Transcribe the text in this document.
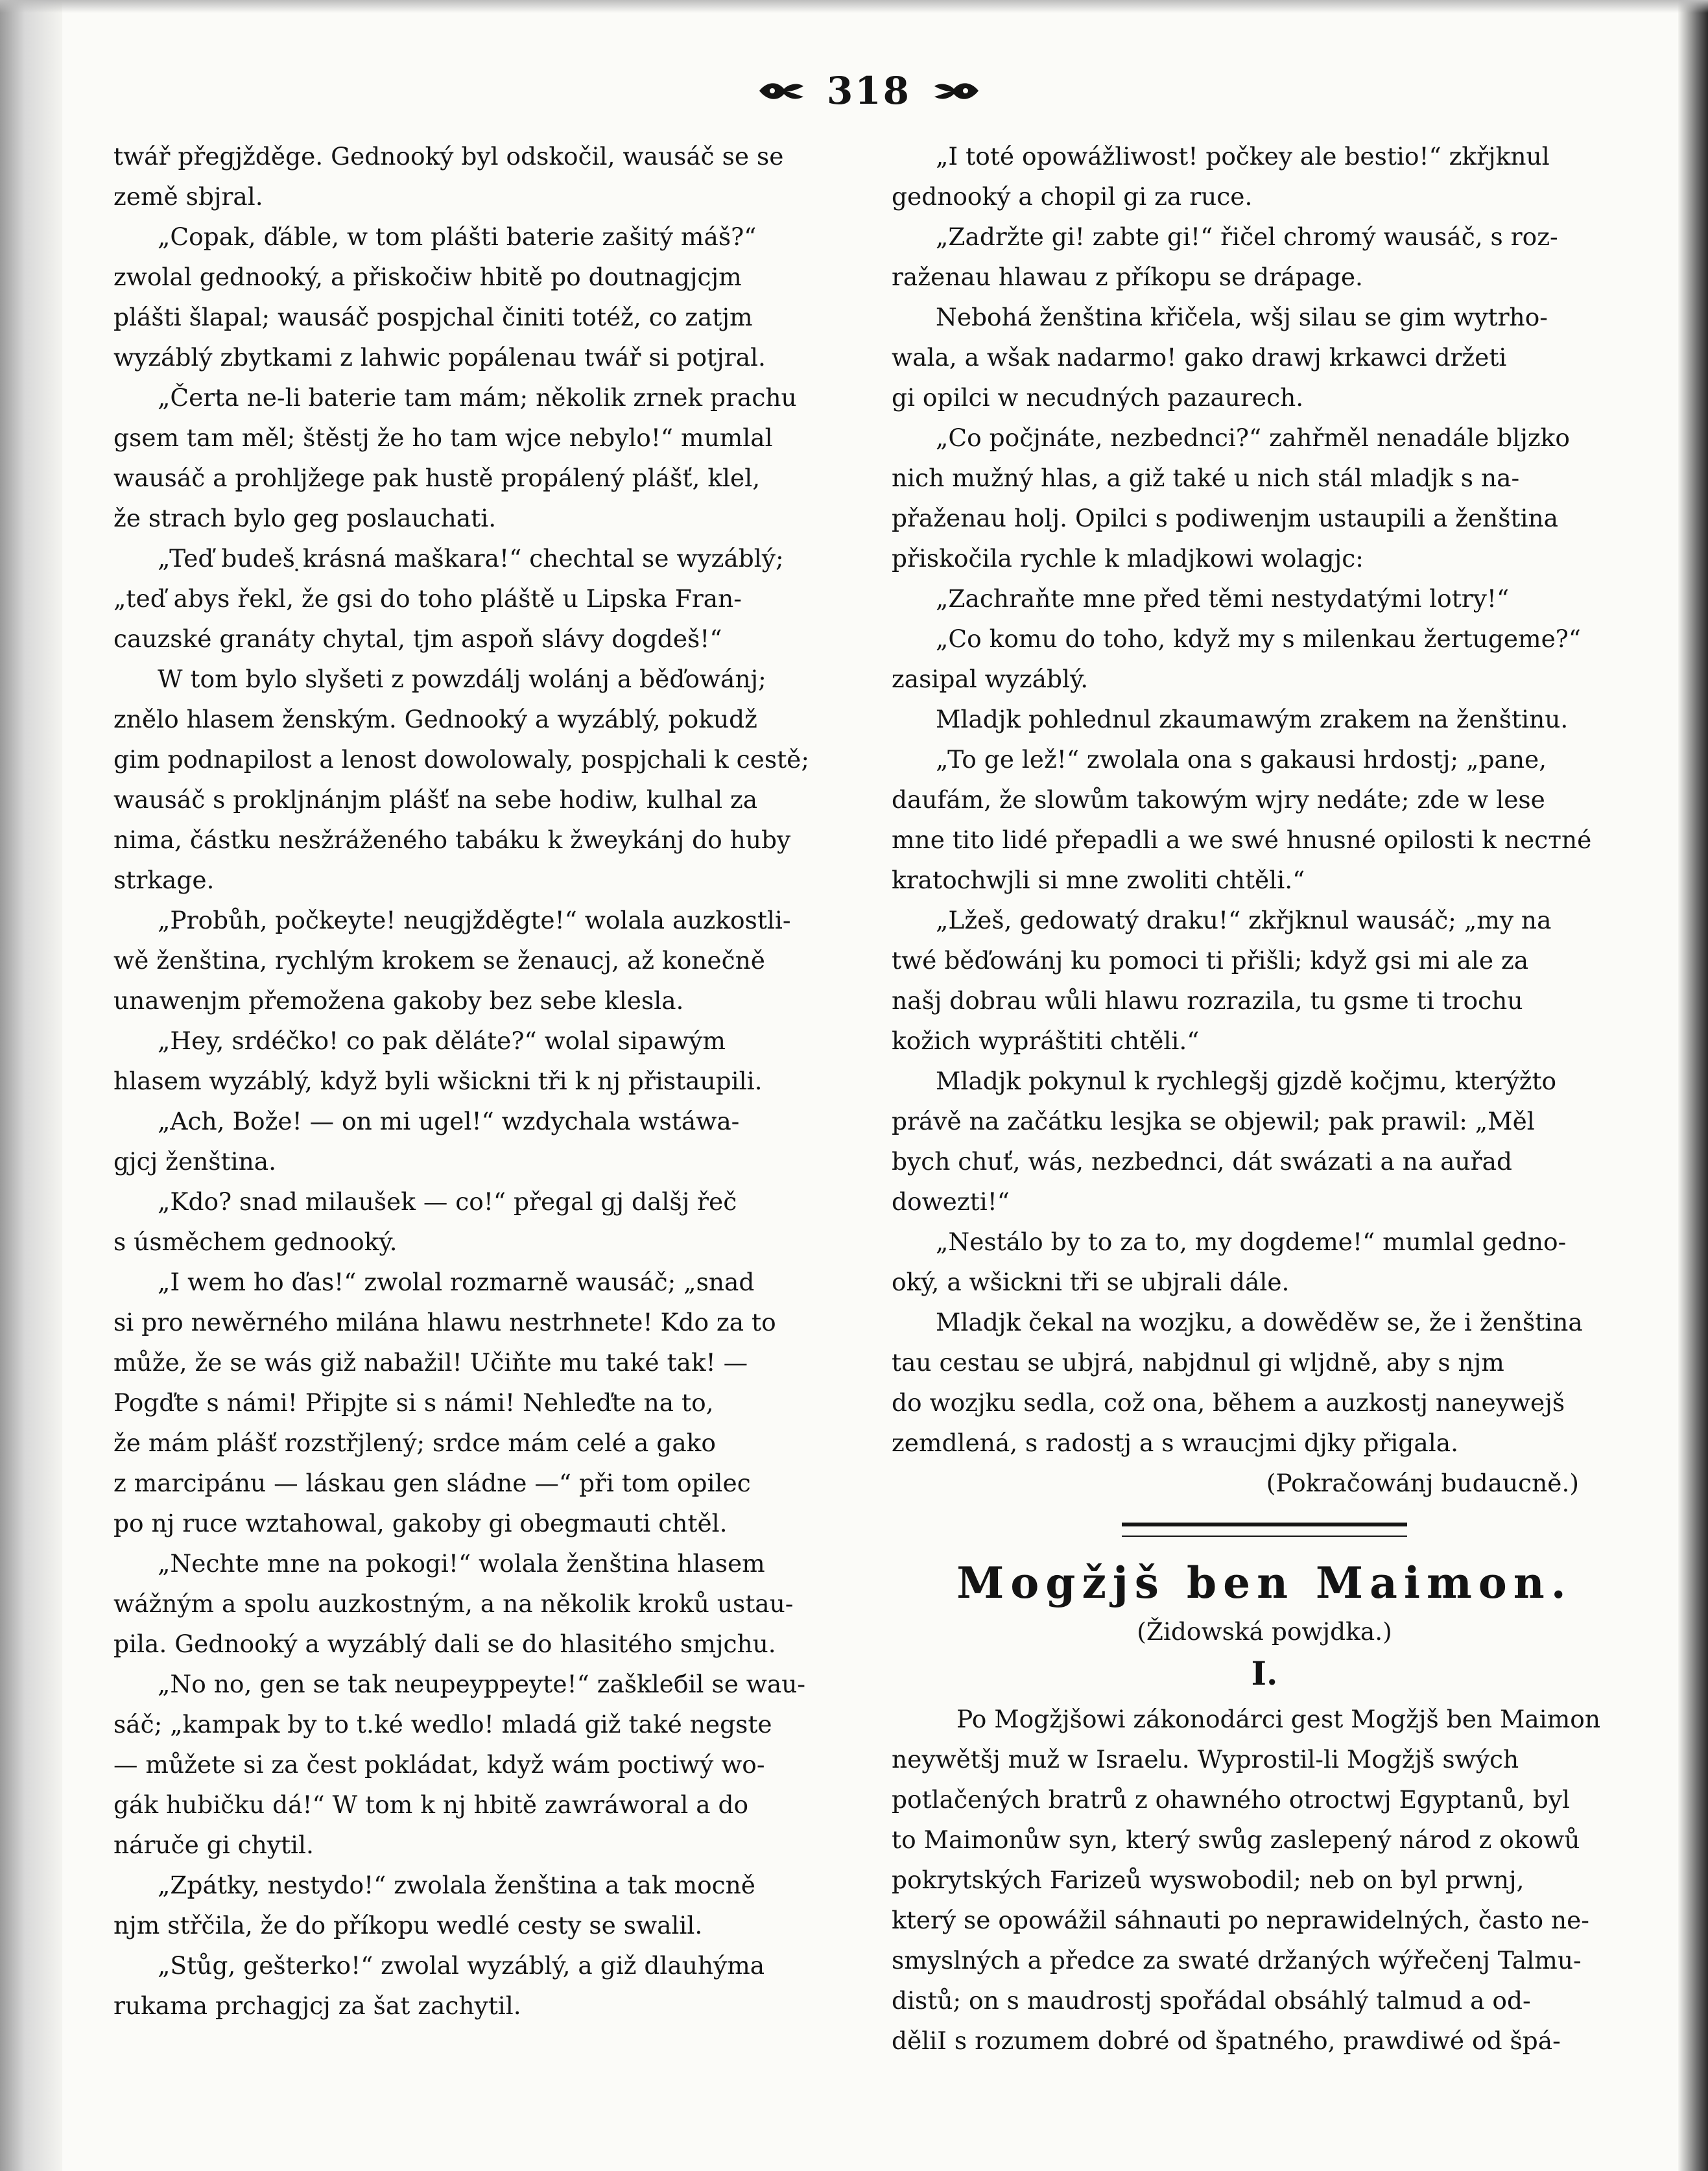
318

twář přegjžděge. Gednooký byl odskočil, wausáč se se
země sbjral.

„Copak, ďáble, w tom plášti baterie zašitý máš?“
zwolal gednooký, a přiskočiw hbitě po doutnagjcjm
plášti šlapal; wausáč pospjchal činiti totéž, co zatjm
wyzáblý zbytkami z lahwic popálenau twář si potjral.

„Čerta ne-li baterie tam mám; několik zrnek prachu
gsem tam měl; štěstj že ho tam wjce nebylo!“ mumlal
wausáč a prohljžege pak hustě propálený plášť, klel,
že strach bylo geg poslauchati.

„Teď budeš ̣krásná maškara!“ chechtal se wyzáblý;
„teď abys řekl, že gsi do toho pláště u Lipska Fran-
cauzské granáty chytal, tjm aspoň slávy dogdeš!“

W tom bylo slyšeti z powzdálj wolánj a běďowánj;
znělo hlasem ženským. Gednooký a wyzáblý, pokudž
gim podnapilost a lenost dowolowaly, pospjchali k cestě;
wausáč s proklјnánjm plášť na sebe hodiw, kulhal za
nima, částku nesžráženého tabáku k žweykánj do huby
strkage.

„Probůh, počkeyte! neugjžděgte!“ wolala auzkostli-
wě ženština, rychlým krokem se ženaucj, až konečně
unawenjm přemožena gakoby bez sebe klesla.

„Hey, srdéčko! co pak děláte?“ wolal sipawým
hlasem wyzáblý, když byli wšickni tři k nj přistaupili.

„Ach, Bože! — on mi ugel!“ wzdychala wstáwa-
gjcj ženština.

„Kdo? snad milaušek — co!“ přegal gj dalšj řeč
s úsměchem gednooký.

„I wem ho ďas!“ zwolal rozmarně wausáč; „snad
si pro newěrného milána hlawu nestrhnete! Kdo za to
může, že se wás gіž nabažil! Učiňte mu také tak! —
Pogďte s námi! Připjte si s námi! Nehleďte na to,
že mám plášť rozstřjlený; srdce mám celé a gako
z marcipánu — láskau gen sládne —“ při tom opilec
po nj ruce wztahowal, gakoby gi obegmauti chtěl.

„Nechte mne na pokogi!“ wolala ženština hlasem
wážným a spolu auzkostným, a na několik kroků ustau-
pila. Gednooký a wyzáblý dali se do hlasitého smjchu.

„No no, gen se tak neupeyppeyte!“ zaškleбil se wau-
sáč; „kampak by to t.ké wedlo! mladá giž také negste
— můžete si za čest pokládat, když wám poctiwý wo-
gák hubičku dá!“ W tom k nj hbitě zawráworal a do
náručе gi chytil.

„Zpátky, nestydo!“ zwolala ženština a tak mocně
njm střčila, že do příkopu wedlé cesty se swalil.

„Stůg, gešterko!“ zwolal wyzáblý, a giž dlauhýma
rukama prchagjcj za šat zachytil.

„I toté opowážliwost! počkey ale bestio!“ zkřjknul
gednooký a chopil gi za ruce.

„Zadržte gi! zabte gi!“ řičel chromý wausáč, s roz-
raženau hlawau z příkopu se drápage.

Nebohá ženština křičela, wšj silau se gim wytrho-
wala, a wšak nadarmo! gako drawj krkawci držeti
gi opilci w necudných pazaurech.

„Co počjnáte, nezbedncі?“ zahřměl nenadále blјzko
nich mužný hlas, a giž také u nich stál mladjk s na-
přaženau holj. Opilci s podiwenjm ustaupili a ženština
přiskočila rychle k mladjkowi wolagjc:

„Zachraňte mne před těmi nestydatými lotry!“

„Co komu do toho, když my s milenkau žertugeme?“
zasipal wyzáblý.

Mladjk pohlednul zkaumawým zrakem na ženštinu.

„To ge lež!“ zwolala ona s gakausi hrdostj; „pane,
daufám, že slowům takowým wjry nedáte; zde w lese
mne tito lidé přepadli a we swé hnusné opilosti k necтné
kratochwjli si mne zwoliti chtěli.“

„Lžeš, gedowatý draku!“ zkřjknul wausáč; „my na
twé běďowánj ku pomoci ti přišli; když gsi mi ale za
našj dobrau wůli hlawu rozrazila, tu gsme ti trochu
kožich wypráštiti chtěli.“

Mladjk pokynul k rychlegšj gjzdě kočjmu, kterýžto
právě na začátku lesjka se objewil; pak prawil: „Měl
bych chuť, wás, nezbedncі, dát swázati a na auřad
dowezti!“

„Nestálo by to za to, my dogdeme!“ mumlal gedno-
oký, a wšickni tři se ubjrali dále.

Mladjk čekal na wozjku, a dowěděw se, že i ženština
tau cestau se ubjrá, nabјdnul gi wljdně, aby s njm
do wozjku sedla, což ona, během a auzkostj naneywejš
zemdlená, s radostj a s wraucјmi djky přigala.

(Pokračowánj budaucně.)

Mogžjš ben Maimon.
(Židowská powjdka.)
I.

Po Mogžjšowi zákonodárci gest Mogžjš ben Maimon
neywětšj muž w Israelu. Wyprostil-li Mogžjš swých
potlačených bratrů z ohawného otroctwj Egyptanů, byl
to Maimonůw syn, který swůg zaslepený národ z okowů
pokrytských Farizeů wyswobodil; neb on byl prwnj,
který se opowážil sáhnauti po neprawidelných, často ne-
smyslných a předce za swaté držaných wýřečenj Talmu-
distů; on s maudrostj spořádal obsáhlý talmud a od-
děliI s rozumem dobré od špatného, prawdiwé od šрá-
